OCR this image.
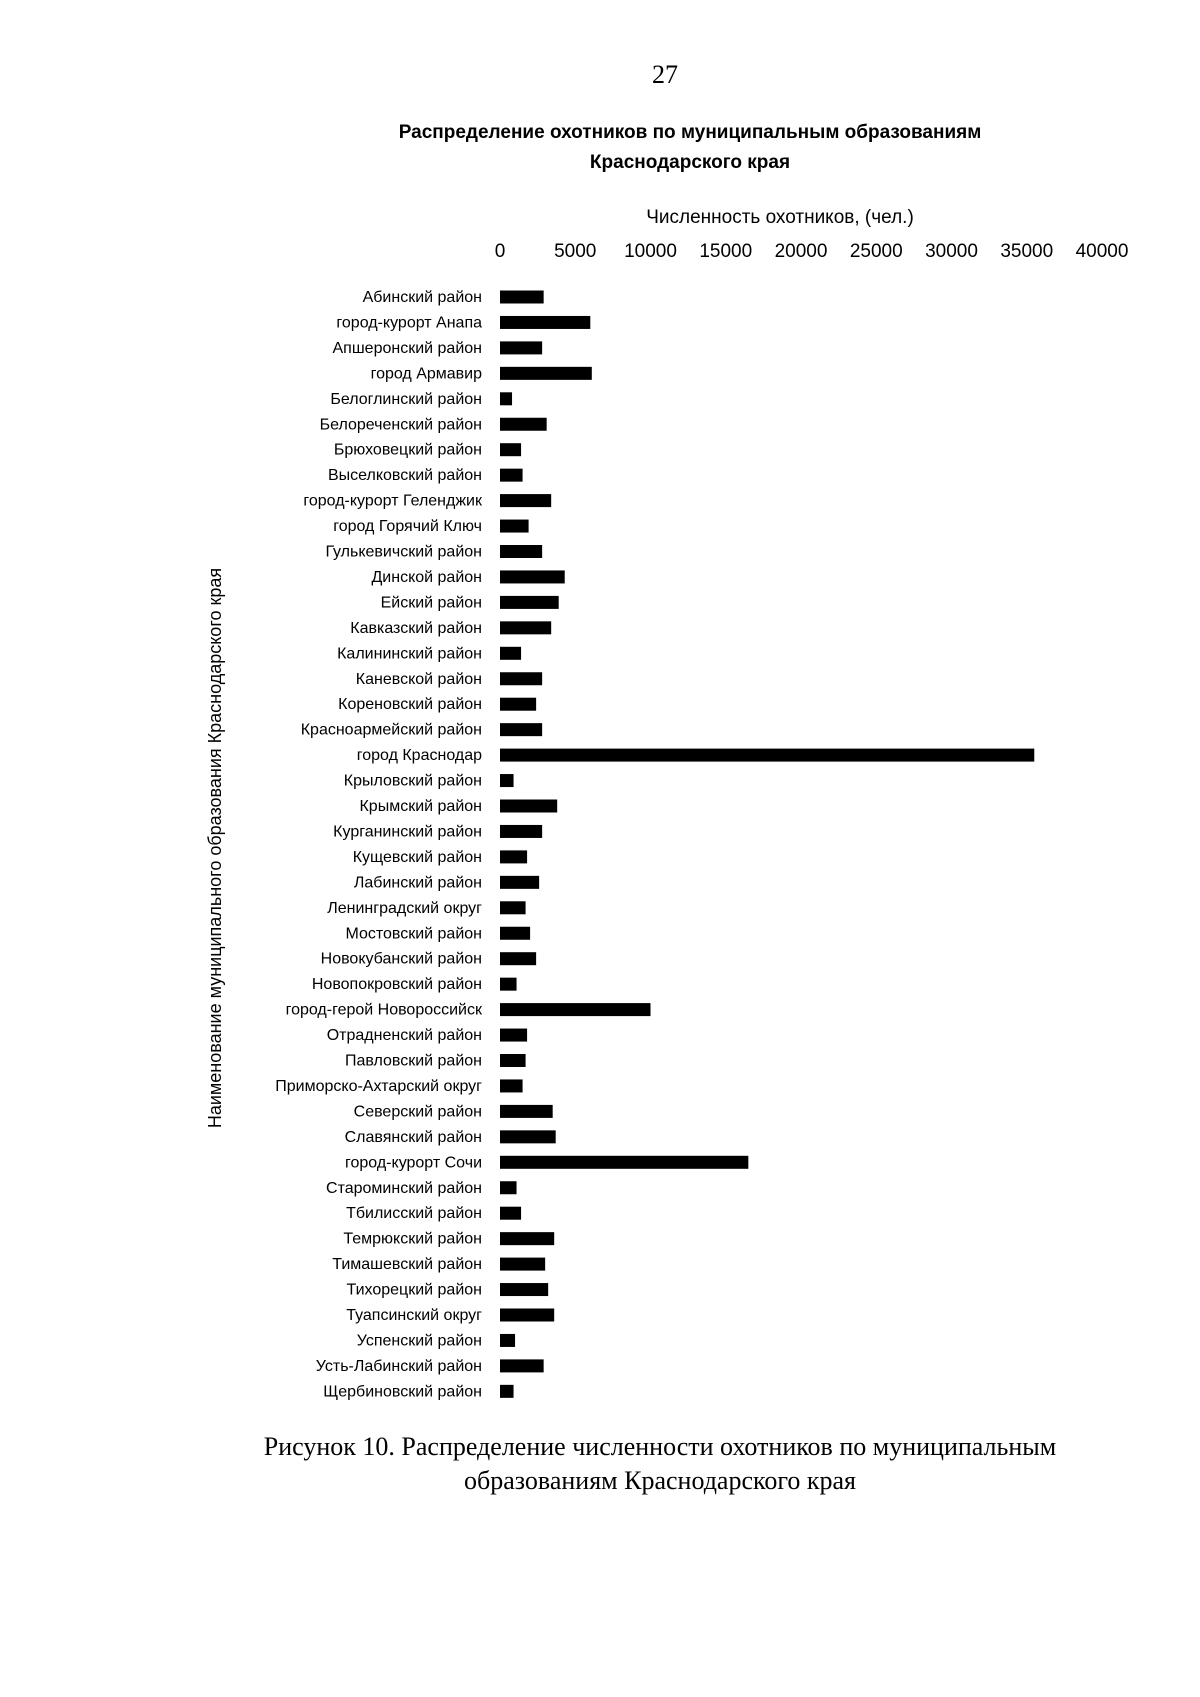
27
Распределение охотников по муниципальным образованиям
Краснодарского края
Численность охотников, (чел.)
Наименование муниципального образования Краснодарского края
0	5000 10000 15000 20000 25000 30000 35000 40000
Абинский район
город-курорт Анапа
Апшеронский район
город Армавир
Белоглинский район
Белореченский район
Брюховецкий район
Выселковский район
город-курорт Геленджик
город Горячий Ключ
Гулькевичский район
Динской район
Ейский район
Кавказский район
Калининский район
Каневской район
Кореновский район
Красноармейский район
город Краснодар
Крыловский район
Крымский район
Курганинский район
Кущевский район
Лабинский район
Ленинградский округ
Мостовский район
Новокубанский район
Новопокровский район
город-герой Новороссийск
Отрадненский район
Павловский район
Приморско-Ахтарский округ
Северский район
Славянский район
город-курорт Сочи
Староминский район
Тбилисский район
Темрюкский район
Тимашевский район
Тихорецкий район
Туапсинский округ
Успенский район
Усть-Лабинский район
Щербиновский район
Рисунок 10. Распределение численности охотников по муниципальным
образованиям Краснодарского края
